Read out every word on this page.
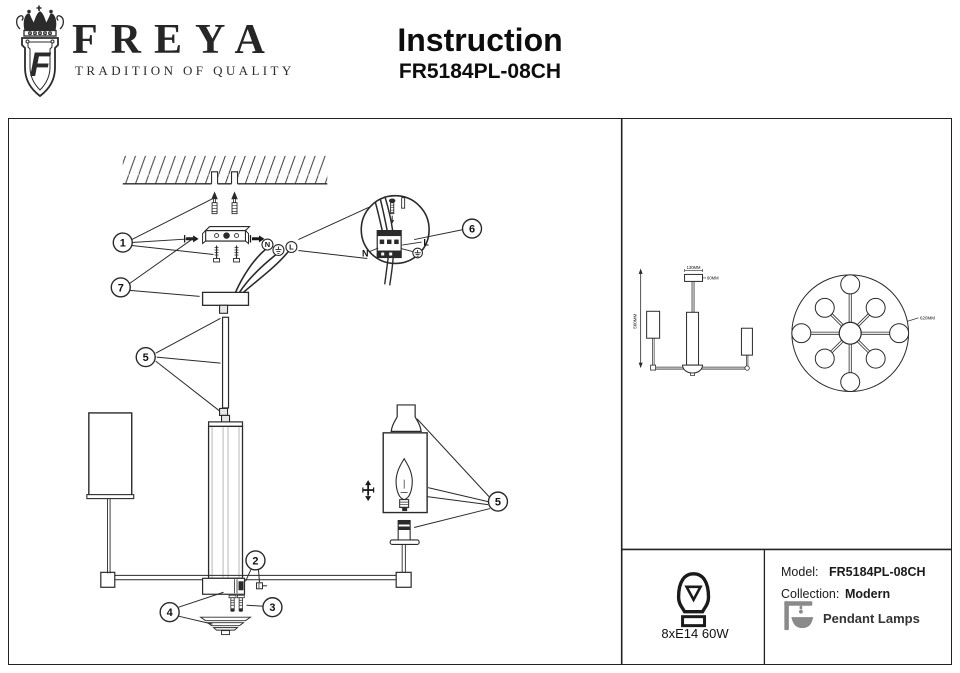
F
FREYA
TRADITION OF QUALITY
Instruction
FR5184PL-08CH
N	L
N
L
1
7
5
6
2
3
4
5
130MM
60MM
560MM	620MM
8xE14 60W
Model: FR5184PL-08CH
Collection: Modern
Pendant Lamps
